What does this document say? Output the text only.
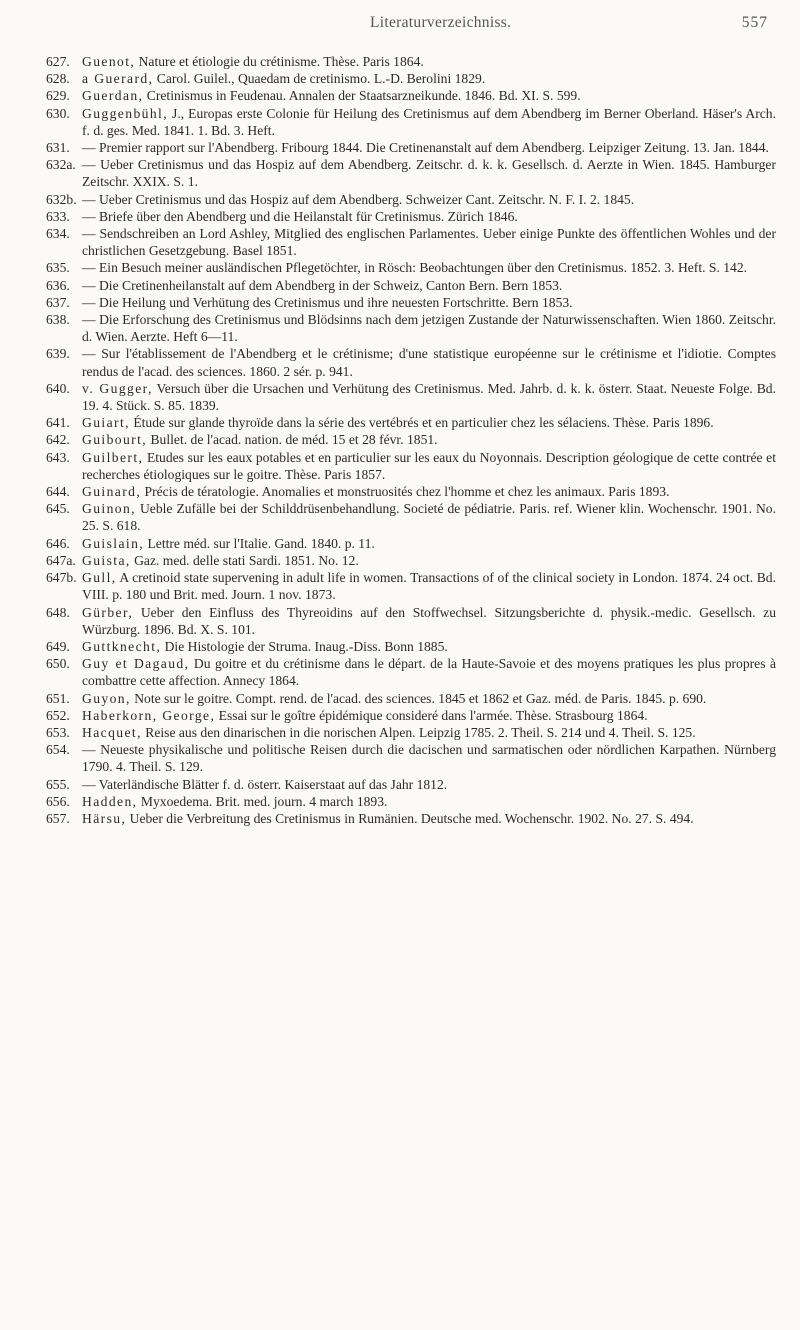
Literaturverzeichniss.	557
627. Guenot, Nature et étiologie du crétinisme. Thèse. Paris 1864.
628. a Guerard, Carol. Guilel., Quaedam de cretinismo. L.-D. Berolini 1829.
629. Guerdan, Cretinismus in Feudenau. Annalen der Staatsarzneikunde. 1846. Bd. XI. S. 599.
630. Guggenbühl, J., Europas erste Colonie für Heilung des Cretinismus auf dem Abendberg im Berner Oberland. Häser's Arch. f. d. ges. Med. 1841. 1. Bd. 3. Heft.
631. — Premier rapport sur l'Abendberg. Fribourg 1844. Die Cretinenanstalt auf dem Abendberg. Leipziger Zeitung. 13. Jan. 1844.
632a. — Ueber Cretinismus und das Hospiz auf dem Abendberg. Zeitschr. d. k. k. Gesellsch. d. Aerzte in Wien. 1845. Hamburger Zeitschr. XXIX. S. 1.
632b. — Ueber Cretinismus und das Hospiz auf dem Abendberg. Schweizer Cant. Zeitschr. N. F. I. 2. 1845.
633. — Briefe über den Abendberg und die Heilanstalt für Cretinismus. Zürich 1846.
634. — Sendschreiben an Lord Ashley, Mitglied des englischen Parlamentes. Ueber einige Punkte des öffentlichen Wohles und der christlichen Gesetzgebung. Basel 1851.
635. — Ein Besuch meiner ausländischen Pflegetöchter, in Rösch: Beobachtungen über den Cretinismus. 1852. 3. Heft. S. 142.
636. — Die Cretinenheilanstalt auf dem Abendberg in der Schweiz, Canton Bern. Bern 1853.
637. — Die Heilung und Verhütung des Cretinismus und ihre neuesten Fortschritte. Bern 1853.
638. — Die Erforschung des Cretinismus und Blödsinns nach dem jetzigen Zustande der Naturwissenschaften. Wien 1860. Zeitschr. d. Wien. Aerzte. Heft 6—11.
639. — Sur l'établissement de l'Abendberg et le crétinisme; d'une statistique européenne sur le crétinisme et l'idiotie. Comptes rendus de l'acad. des sciences. 1860. 2 sér. p. 941.
640. v. Gugger, Versuch über die Ursachen und Verhütung des Cretinismus. Med. Jahrb. d. k. k. österr. Staat. Neueste Folge. Bd. 19. 4. Stück. S. 85. 1839.
641. Guiart, Étude sur glande thyroïde dans la série des vertébrés et en particulier chez les sélaciens. Thèse. Paris 1896.
642. Guibourt, Bullet. de l'acad. nation. de méd. 15 et 28 févr. 1851.
643. Guilbert, Etudes sur les eaux potables et en particulier sur les eaux du Noyonnais. Description géologique de cette contrée et recherches étiologiques sur le goitre. Thèse. Paris 1857.
644. Guinard, Précis de tératologie. Anomalies et monstruosités chez l'homme et chez les animaux. Paris 1893.
645. Guinon, Ueble Zufälle bei der Schilddrüsenbehandlung. Societé de pédiatrie. Paris. ref. Wiener klin. Wochenschr. 1901. No. 25. S. 618.
646. Guislain, Lettre méd. sur l'Italie. Gand. 1840. p. 11.
647a. Guista, Gaz. med. delle stati Sardi. 1851. No. 12.
647b. Gull, A cretinoid state supervening in adult life in women. Transactions of of the clinical society in London. 1874. 24 oct. Bd. VIII. p. 180 und Brit. med. Journ. 1 nov. 1873.
648. Gürber, Ueber den Einfluss des Thyreoidins auf den Stoffwechsel. Sitzungsberichte d. physik.-medic. Gesellsch. zu Würzburg. 1896. Bd. X. S. 101.
649. Guttknecht, Die Histologie der Struma. Inaug.-Diss. Bonn 1885.
650. Guy et Dagaud, Du goitre et du crétinisme dans le départ. de la Haute-Savoie et des moyens pratiques les plus propres à combattre cette affection. Annecy 1864.
651. Guyon, Note sur le goitre. Compt. rend. de l'acad. des sciences. 1845 et 1862 et Gaz. méd. de Paris. 1845. p. 690.
652. Haberkorn, George, Essai sur le goître épidémique consideré dans l'armée. Thèse. Strasbourg 1864.
653. Hacquet, Reise aus den dinarischen in die norischen Alpen. Leipzig 1785. 2. Theil. S. 214 und 4. Theil. S. 125.
654. — Neueste physikalische und politische Reisen durch die dacischen und sarmatischen oder nördlichen Karpathen. Nürnberg 1790. 4. Theil. S. 129.
655. — Vaterländische Blätter f. d. österr. Kaiserstaat auf das Jahr 1812.
656. Hadden, Myxoedema. Brit. med. journ. 4 march 1893.
657. Härsu, Ueber die Verbreitung des Cretinismus in Rumänien. Deutsche med. Wochenschr. 1902. No. 27. S. 494.
